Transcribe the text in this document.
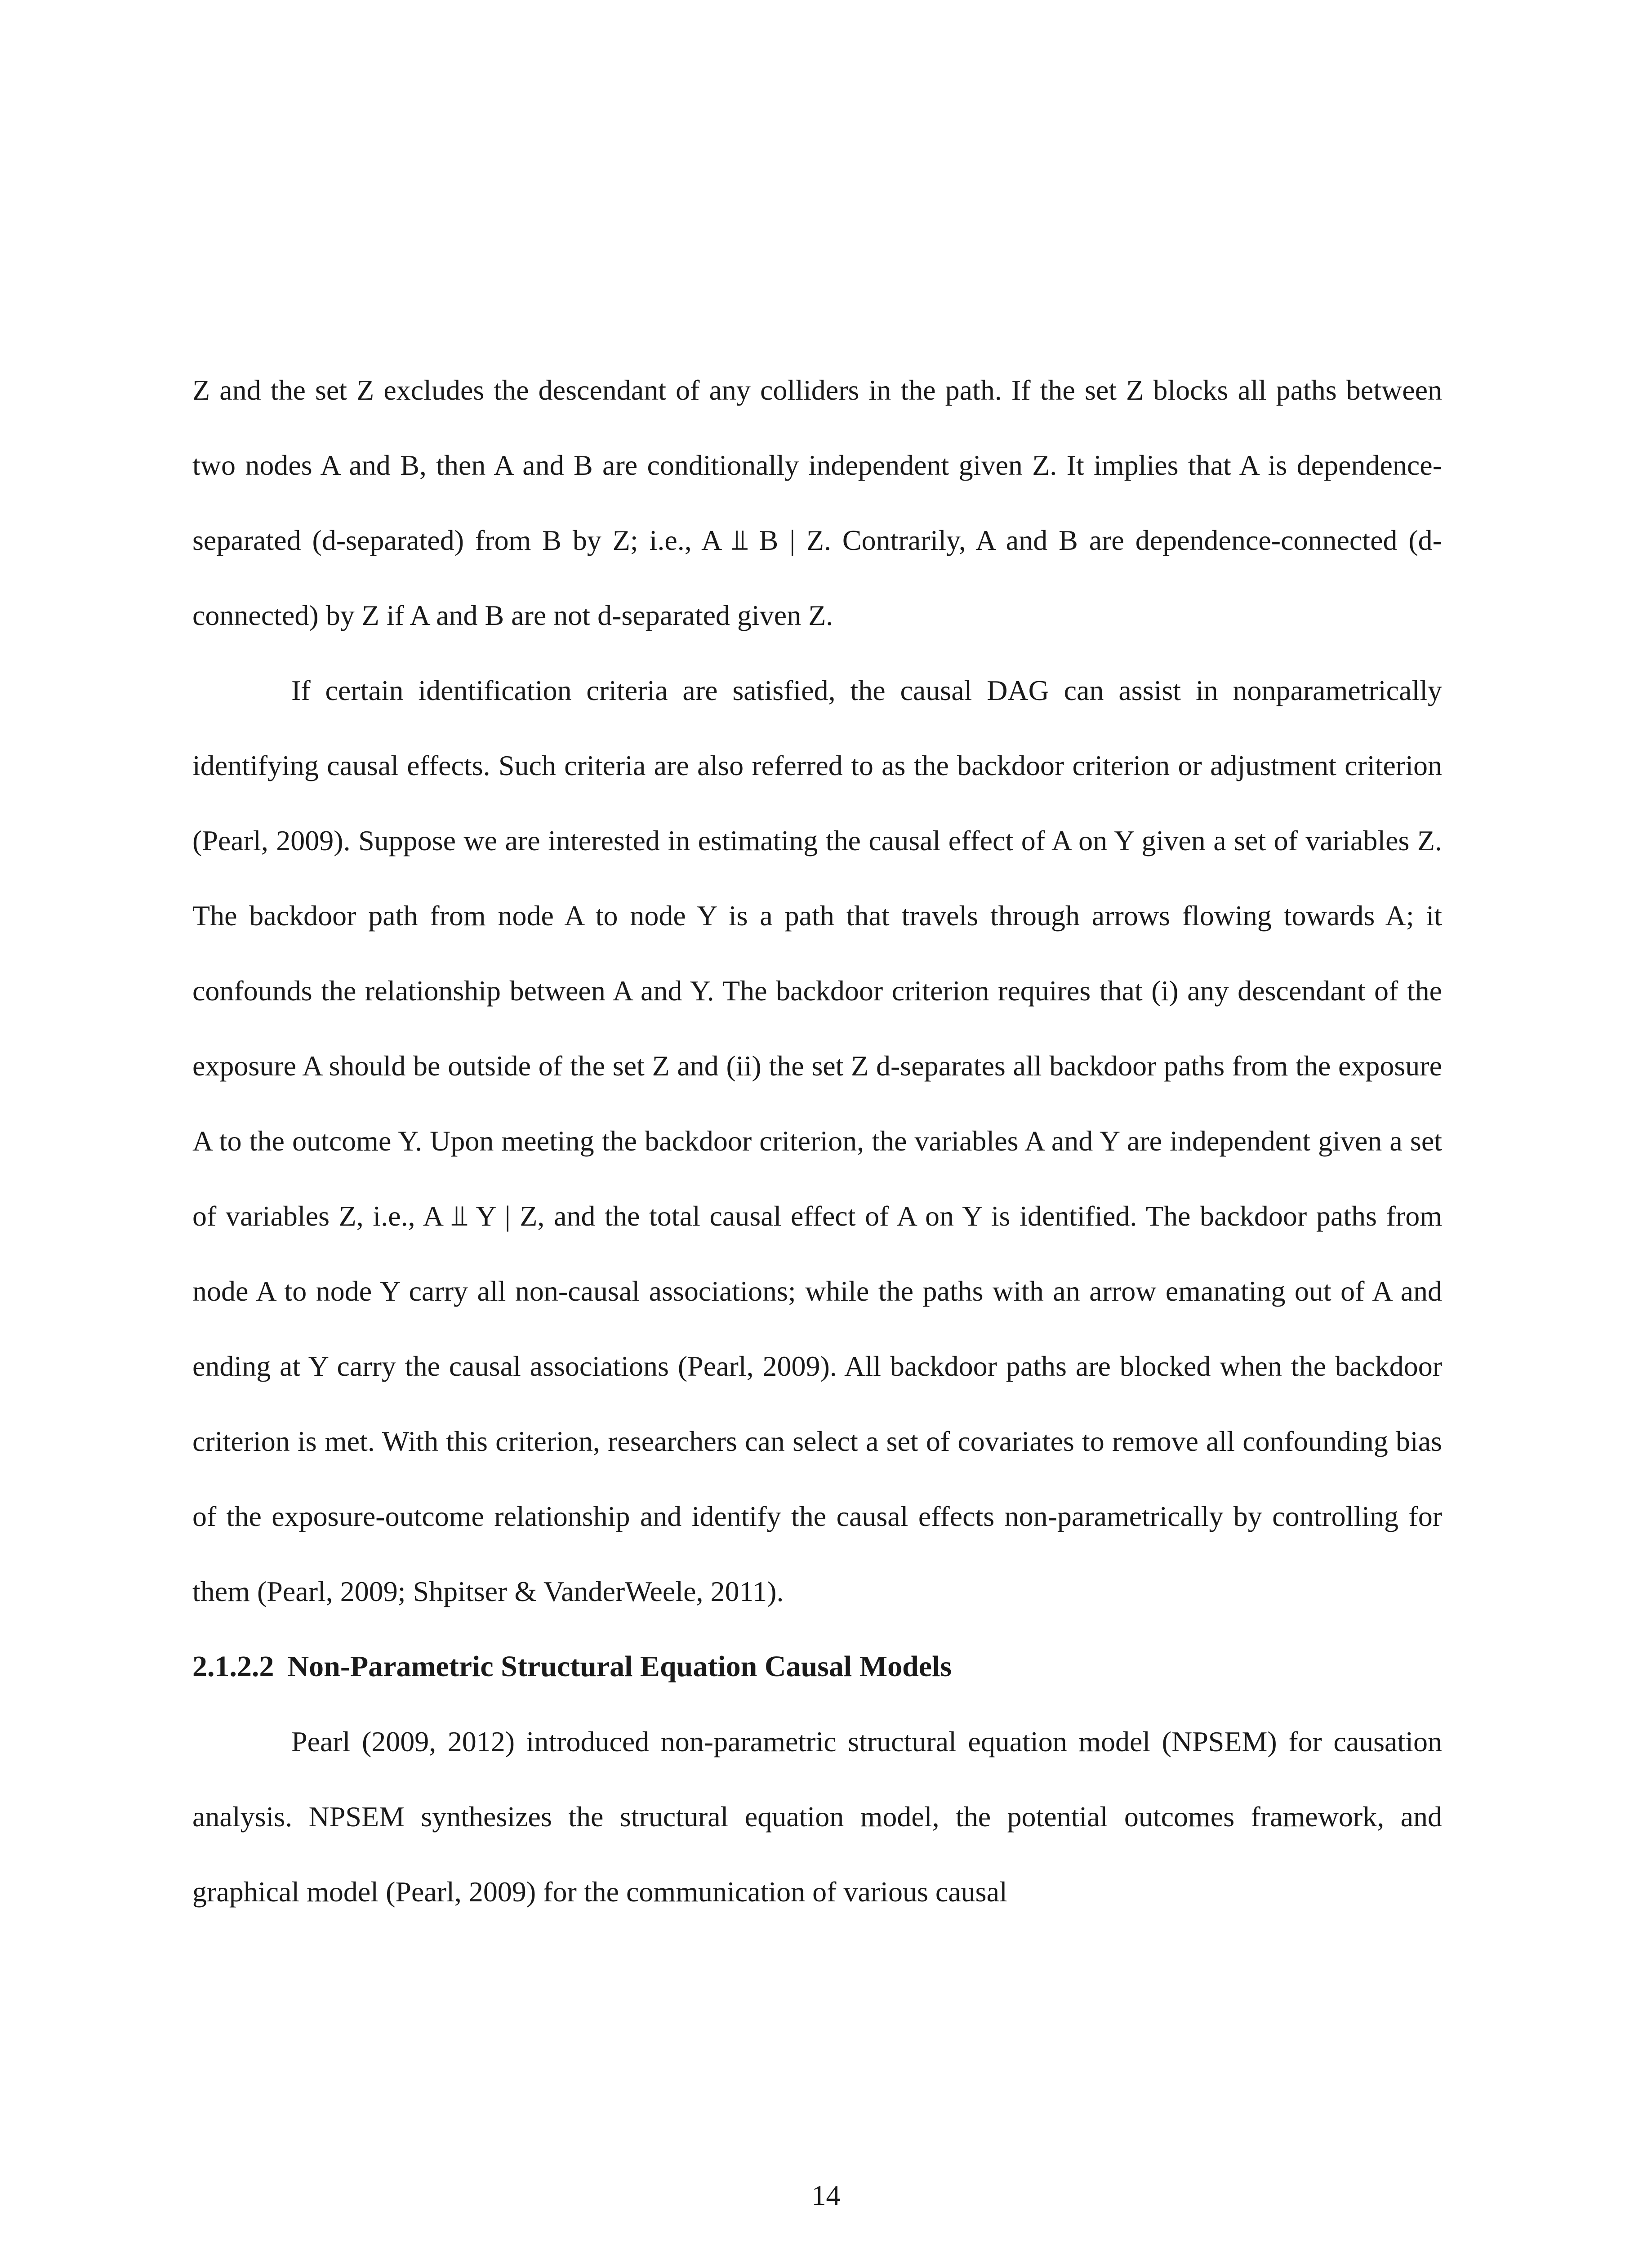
Z and the set Z excludes the descendant of any colliders in the path. If the set Z blocks all paths between two nodes A and B, then A and B are conditionally independent given Z. It implies that A is dependence-separated (d-separated) from B by Z; i.e., A ⫫ B | Z. Contrarily, A and B are dependence-connected (d-connected) by Z if A and B are not d-separated given Z.

If certain identification criteria are satisfied, the causal DAG can assist in nonparametrically identifying causal effects. Such criteria are also referred to as the backdoor criterion or adjustment criterion (Pearl, 2009). Suppose we are interested in estimating the causal effect of A on Y given a set of variables Z. The backdoor path from node A to node Y is a path that travels through arrows flowing towards A; it confounds the relationship between A and Y. The backdoor criterion requires that (i) any descendant of the exposure A should be outside of the set Z and (ii) the set Z d-separates all backdoor paths from the exposure A to the outcome Y. Upon meeting the backdoor criterion, the variables A and Y are independent given a set of variables Z, i.e., A ⫫ Y | Z, and the total causal effect of A on Y is identified. The backdoor paths from node A to node Y carry all non-causal associations; while the paths with an arrow emanating out of A and ending at Y carry the causal associations (Pearl, 2009). All backdoor paths are blocked when the backdoor criterion is met. With this criterion, researchers can select a set of covariates to remove all confounding bias of the exposure-outcome relationship and identify the causal effects non-parametrically by controlling for them (Pearl, 2009; Shpitser & VanderWeele, 2011).

2.1.2.2 Non-Parametric Structural Equation Causal Models

Pearl (2009, 2012) introduced non-parametric structural equation model (NPSEM) for causation analysis. NPSEM synthesizes the structural equation model, the potential outcomes framework, and graphical model (Pearl, 2009) for the communication of various causal

14
